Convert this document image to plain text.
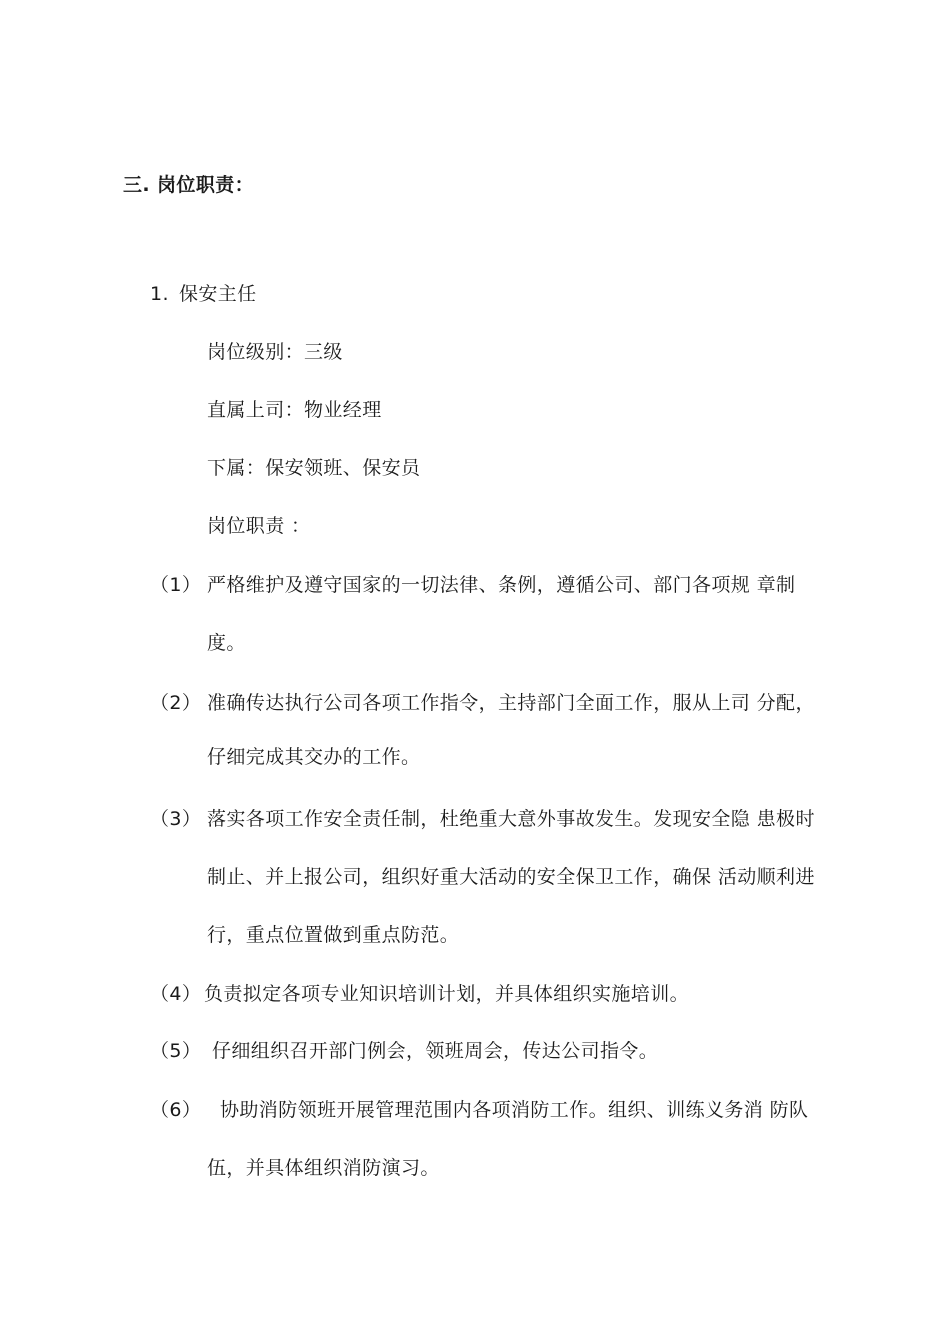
三. 岗位职责：
1. 保安主任
岗位级别：三级
直属上司：物业经理
下属：保安领班、保安员
岗位职责 ：
（1） 严格维护及遵守国家的一切法律、条例，遵循公司、部门各项规 章制
度。
（2） 准确传达执行公司各项工作指令，主持部门全面工作，服从上司 分配，
仔细完成其交办的工作。
（3） 落实各项工作安全责任制，杜绝重大意外事故发生。发现安全隐 患极时
制止、并上报公司，组织好重大活动的安全保卫工作，确保 活动顺利进
行，重点位置做到重点防范。
（4） 负责拟定各项专业知识培训计划，并具体组织实施培训。
（5） 仔细组织召开部门例会，领班周会，传达公司指令。
（6） 协助消防领班开展管理范围内各项消防工作。组织、训练义务消 防队
伍，并具体组织消防演习。
